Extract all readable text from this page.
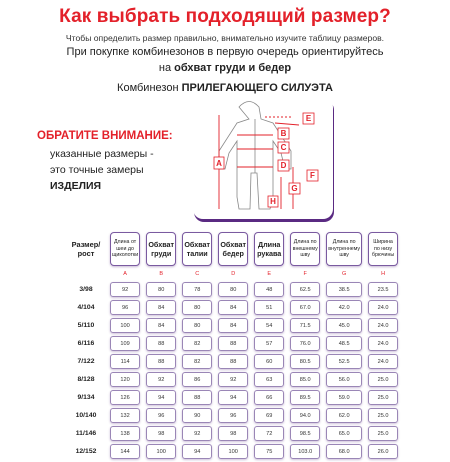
Как выбрать подходящий размер?
Чтобы определить размер правильно, внимательно изучите таблицу размеров.
При покупке комбинезонов в первую очередь ориентируйтесь
на обхват груди и бедер
Комбинезон ПРИЛЕГАЮЩЕГО СИЛУЭТА
ОБРАТИТЕ ВНИМАНИЕ:
указанные размеры -
это точные замеры
ИЗДЕЛИЯ
A
B
C
D
E
F
G
H
Размер/ рост	Длина от шеи до щиколотки	Обхват груди	Обхват талии	Обхват бедер	Длина рукава	Длина по внешнему шву	Длина по внутреннему шву	Ширина по низу брючины
	A	B	C	D	E	F	G	H
3/98	92	80	78	80	48	62.5	38.5	23.5
4/104	96	84	80	84	51	67.0	42.0	24.0
5/110	100	84	80	84	54	71.5	45.0	24.0
6/116	109	88	82	88	57	76.0	48.5	24.0
7/122	114	88	82	88	60	80.5	52.5	24.0
8/128	120	92	86	92	63	85.0	56.0	25.0
9/134	126	94	88	94	66	89.5	59.0	25.0
10/140	132	96	90	96	69	94.0	62.0	25.0
11/146	138	98	92	98	72	98.5	65.0	25.0
12/152	144	100	94	100	75	103.0	68.0	26.0
